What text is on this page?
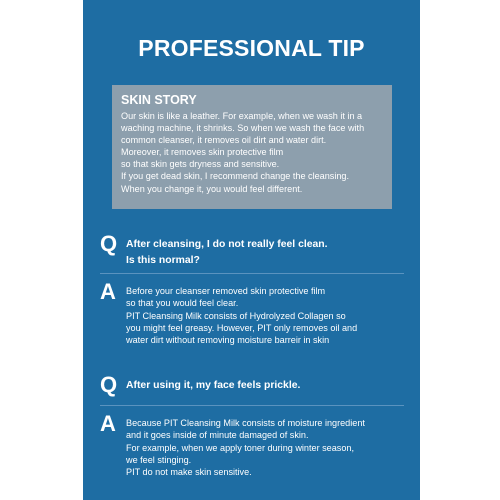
PROFESSIONAL TIP
SKIN STORY
Our skin is like a leather. For example, when we wash it in a
waching machine, it shrinks. So when we wash the face with
common cleanser, it removes oil dirt and water dirt.
Moreover, it removes skin protective film
so that skin gets dryness and sensitive.
If you get dead skin, I recommend change the cleansing.
When you change it, you would feel different.
Q After cleansing, I do not really feel clean.
Is this normal?
A Before your cleanser removed skin protective film
so that you would feel clear.
PIT Cleansing Milk consists of Hydrolyzed Collagen so
you might feel greasy. However, PIT only removes oil and
water dirt without removing moisture barreir in skin
Q After using it, my face feels prickle.
A Because PIT Cleansing Milk consists of moisture ingredient
and it goes inside of minute damaged of skin.
For example, when we apply toner during winter season,
we feel stinging.
PIT do not make skin sensitive.
